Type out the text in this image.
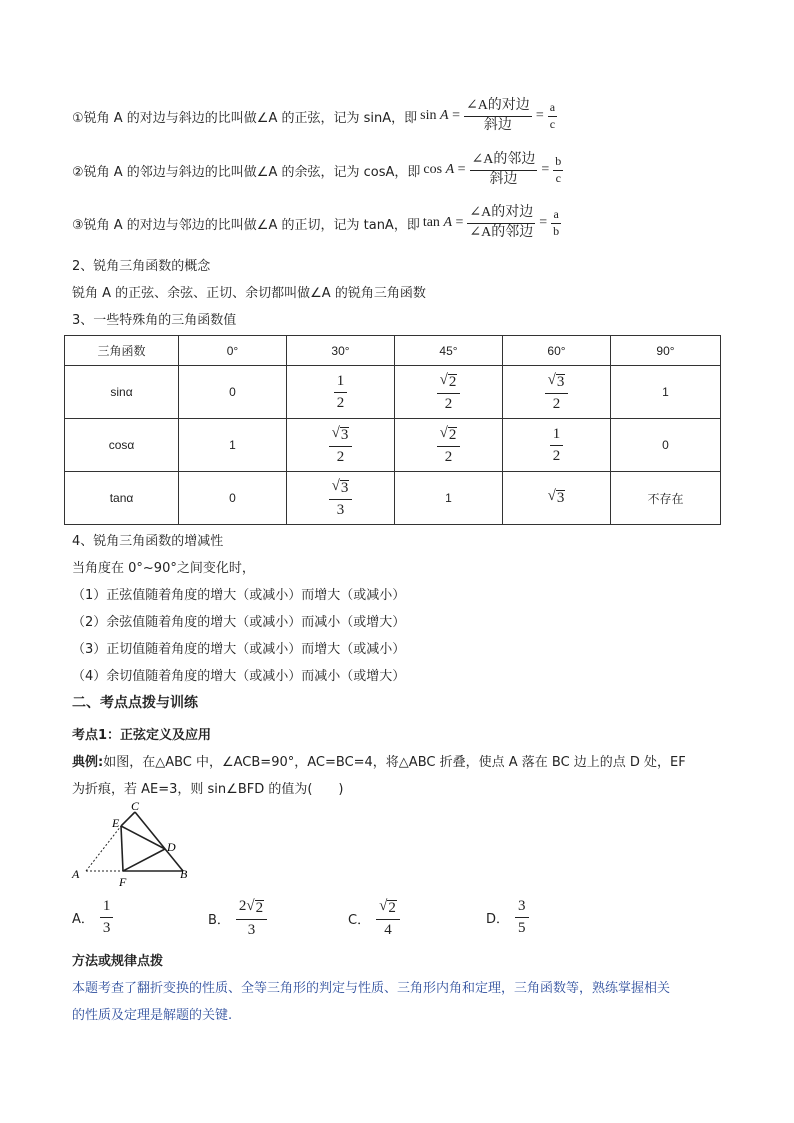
①锐角 A 的对边与斜边的比叫做∠A 的正弦，记为 sinA，即 $\sin A = \frac{\text{∠A的对边}}{\text{斜边}} = \frac{a}{c}$
②锐角 A 的邻边与斜边的比叫做∠A 的余弦，记为 cosA，即 $\cos A = \frac{\text{∠A的邻边}}{\text{斜边}} = \frac{b}{c}$
③锐角 A 的对边与邻边的比叫做∠A 的正切，记为 tanA，即 $\tan A = \frac{\text{∠A的对边}}{\text{∠A的邻边}} = \frac{a}{b}$
2、锐角三角函数的概念
锐角 A 的正弦、余弦、正切、余切都叫做∠A 的锐角三角函数
3、一些特殊角的三角函数值
三角函数	0°	30°	45°	60°	90°
sinα	0	$\frac{1}{2}$	$\frac{√ 2}{2}$	$\frac{√ 3}{2}$	1
cosα	1	$\frac{√ 3}{2}$	$\frac{√ 2}{2}$	$\frac{1}{2}$	0
tanα	0	$\frac{√ 3}{3}$	1	√ 3	不存在
4、锐角三角函数的增减性
当角度在 0°~90°之间变化时，
（1）正弦值随着角度的增大（或减小）而增大（或减小）
（2）余弦值随着角度的增大（或减小）而减小（或增大）
（3）正切值随着角度的增大（或减小）而增大（或减小）
（4）余切值随着角度的增大（或减小）而减小（或增大）
二、考点点拨与训练
考点1：正弦定义及应用
典例:如图，在△ABC 中，∠ACB=90°，AC=BC=4，将△ABC 折叠，使点 A 落在 BC 边上的点 D 处，EF
为折痕，若 AE=3，则 sin∠BFD 的值为(　　)
C
E
D
A
F
B
A． $\frac{1}{3}$	B． $\frac{2 √ 2}{3}$	C． $\frac{√ 2}{4}$	D． $\frac{3}{5}$
方法或规律点拨
本题考查了翻折变换的性质、全等三角形的判定与性质、三角形内角和定理，三角函数等，熟练掌握相关
的性质及定理是解题的关键.
